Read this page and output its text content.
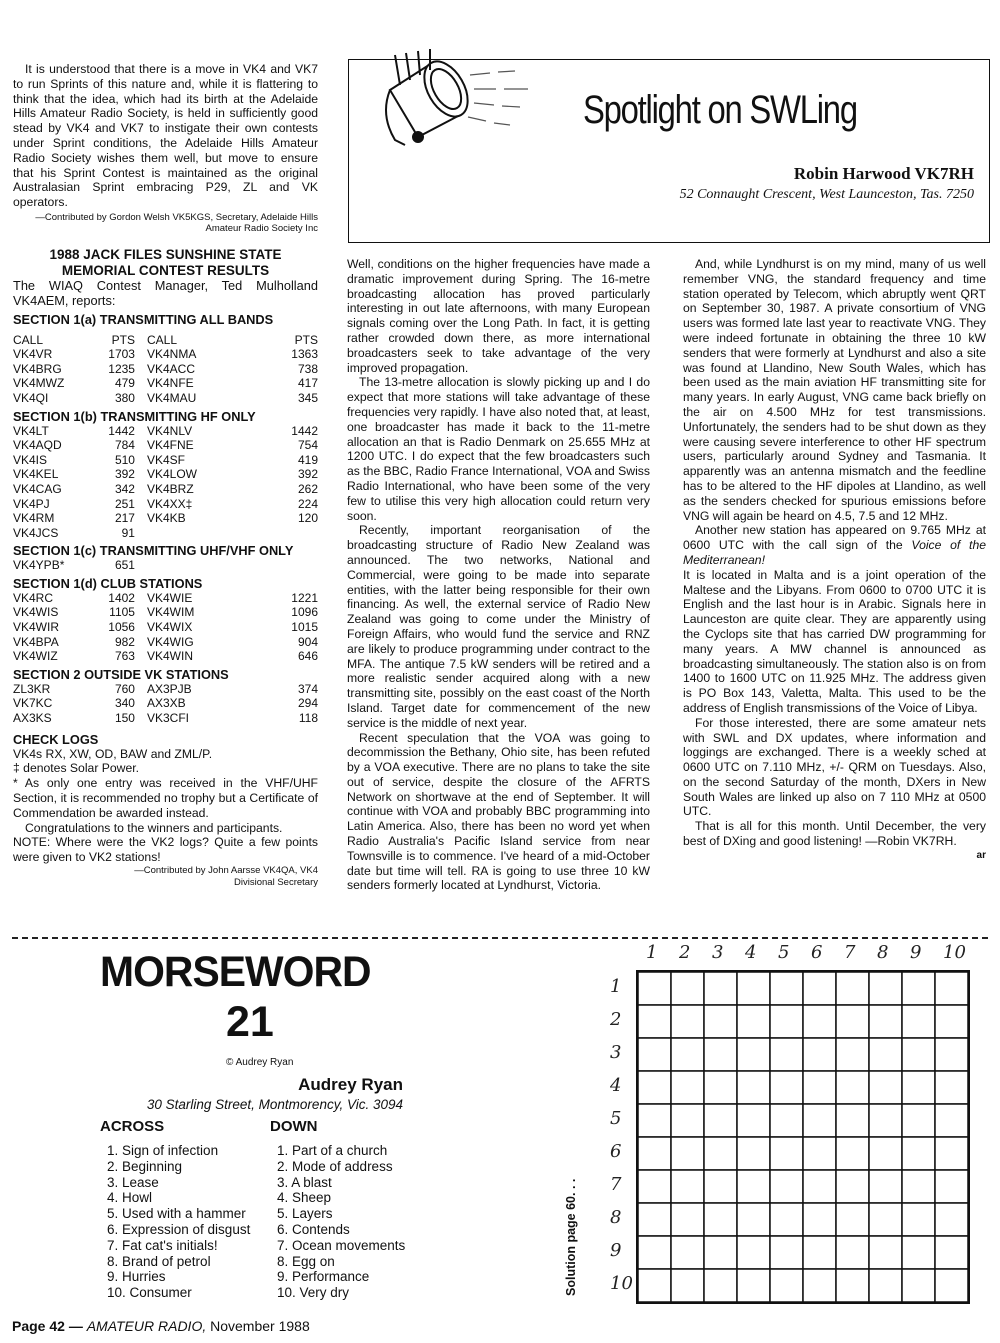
It is understood that there is a move in VK4 and VK7 to run Sprints of this nature and, while it is flattering to think that the idea, which had its birth at the Adelaide Hills Amateur Radio Society, is held in sufficiently good stead by VK4 and VK7 to instigate their own contests under Sprint conditions, the Adelaide Hills Amateur Radio Society wishes them well, but move to ensure that his Sprint Contest is maintained as the original Australasian Sprint embracing P29, ZL and VK operators.

—Contributed by Gordon Welsh VK5KGS, Secretary, Adelaide Hills Amateur Radio Society Inc
1988 JACK FILES SUNSHINE STATE MEMORIAL CONTEST RESULTS

The WIAQ Contest Manager, Ted Mulholland VK4AEM, reports:

SECTION 1(a) TRANSMITTING ALL BANDS
CALL	PTS	CALL	PTS
VK4VR	1703	VK4NMA	1363
VK4BRG	1235	VK4ACC	738
VK4MWZ	479	VK4NFE	417
VK4QI	380	VK4MAU	345
SECTION 1(b) TRANSMITTING HF ONLY
VK4LT	1442	VK4NLV	1442
VK4AQD	784	VK4FNE	754
VK4IS	510	VK4SF	419
VK4KEL	392	VK4LOW	392
VK4CAG	342	VK4BRZ	262
VK4PJ	251	VK4XX‡	224
VK4RM	217	VK4KB	120
VK4JCS	91		
SECTION 1(c) TRANSMITTING UHF/VHF ONLY
VK4YPB*	651		
SECTION 1(d) CLUB STATIONS
VK4RC	1402	VK4WIE	1221
VK4WIS	1105	VK4WIM	1096
VK4WIR	1056	VK4WIX	1015
VK4BPA	982	VK4WIG	904
VK4WIZ	763	VK4WIN	646
SECTION 2 OUTSIDE VK STATIONS
ZL3KR	760	AX3PJB	374
VK7KC	340	AX3XB	294
AX3KS	150	VK3CFI	118
CHECK LOGS

VK4s RX, XW, OD, BAW and ZML/P.

‡ denotes Solar Power.

* As only one entry was received in the VHF/UHF Section, it is recommended no trophy but a Certificate of Commendation be awarded instead.

Congratulations to the winners and participants.

NOTE: Where were the VK2 logs? Quite a few points were given to VK2 stations!

—Contributed by John Aarsse VK4QA, VK4 Divisional Secretary
Spotlight on SWLing
Robin Harwood VK7RH
52 Connaught Crescent, West Launceston, Tas. 7250

Well, conditions on the higher frequencies have made a dramatic improvement during Spring. The 16-metre broadcasting allocation has proved particularly interesting in out late afternoons, with many European signals coming over the Long Path. In fact, it is getting rather crowded down there, as more international broadcasters seek to take advantage of the very improved propagation.

The 13-metre allocation is slowly picking up and I do expect that more stations will take advantage of these frequencies very rapidly. I have also noted that, at least, one broadcaster has made it back to the 11-metre allocation an that is Radio Denmark on 25.655 MHz at 1200 UTC. I do expect that the few broadcasters such as the BBC, Radio France International, VOA and Swiss Radio International, who have been some of the very few to utilise this very high allocation could return very soon.

Recently, important reorganisation of the broadcasting structure of Radio New Zealand was announced. The two networks, National and Commercial, were going to be made into separate entities, with the latter being responsible for their own financing. As well, the external service of Radio New Zealand was going to come under the Ministry of Foreign Affairs, who would fund the service and RNZ are likely to produce programming under contract to the MFA. The antique 7.5 kW senders will be retired and a more realistic sender acquired along with a new transmitting site, possibly on the east coast of the North Island. Target date for commencement of the new service is the middle of next year.

Recent speculation that the VOA was going to decommission the Bethany, Ohio site, has been refuted by a VOA executive. There are no plans to take the site out of service, despite the closure of the AFRTS Network on shortwave at the end of September. It will continue with VOA and probably BBC programming into Latin America. Also, there has been no word yet when Radio Australia's Pacific Island service from near Townsville is to commence. I've heard of a mid-October date but time will tell. RA is going to use three 10 kW senders formerly located at Lyndhurst, Victoria.

And, while Lyndhurst is on my mind, many of us well remember VNG, the standard frequency and time station operated by Telecom, which abruptly went QRT on September 30, 1987. A private consortium of VNG users was formed late last year to reactivate VNG. They were indeed fortunate in obtaining the three 10 kW senders that were formerly at Lyndhurst and also a site was found at Llandino, New South Wales, which has been used as the main aviation HF transmitting site for many years. In early August, VNG came back briefly on the air on 4.500 MHz for test transmissions. Unfortunately, the senders had to be shut down as they were causing severe interference to other HF spectrum users, particularly around Sydney and Tasmania. It apparently was an antenna mismatch and the feedline has to be altered to the HF dipoles at Llandino, as well as the senders checked for spurious emissions before VNG will again be heard on 4.5, 7.5 and 12 MHz.

Another new station has appeared on 9.765 MHz at 0600 UTC with the call sign of the Voice of the Mediterranean!

It is located in Malta and is a joint operation of the Maltese and the Libyans. From 0600 to 0700 UTC it is English and the last hour is in Arabic. Signals here in Launceston are quite clear. They are apparently using the Cyclops site that has carried DW programming for many years. A MW channel is announced as broadcasting simultaneously. The station also is on from 1400 to 1600 UTC on 11.925 MHz. The address given is PO Box 143, Valetta, Malta. This used to be the address of English transmissions of the Voice of Libya.

For those interested, there are some amateur nets with SWL and DX updates, where information and loggings are exchanged. There is a weekly sched at 0600 UTC on 7.110 MHz, +/- QRM on Tuesdays. Also, on the second Saturday of the month, DXers in New South Wales are linked up also on 7 110 MHz at 0500 UTC.

That is all for this month. Until December, the very best of DXing and good listening! —Robin VK7RH.

ar
MORSEWORD
21
© Audrey Ryan
Audrey Ryan
30 Starling Street, Montmorency, Vic. 3094
ACROSS	DOWN
1. Sign of infection
2. Beginning
3. Lease
4. Howl
5. Used with a hammer
6. Expression of disgust
7. Fat cat's initials!
8. Brand of petrol
9. Hurries
10. Consumer
1. Part of a church
2. Mode of address
3. A blast
4. Sheep
5. Layers
6. Contends
7. Ocean movements
8. Egg on
9. Performance
10. Very dry	Solution page 60. . .
1 2 3 4 5 6 7 8 9 10
1
2
3
4
5
6
7
8
9
10
Page 42 — AMATEUR RADIO, November 1988
